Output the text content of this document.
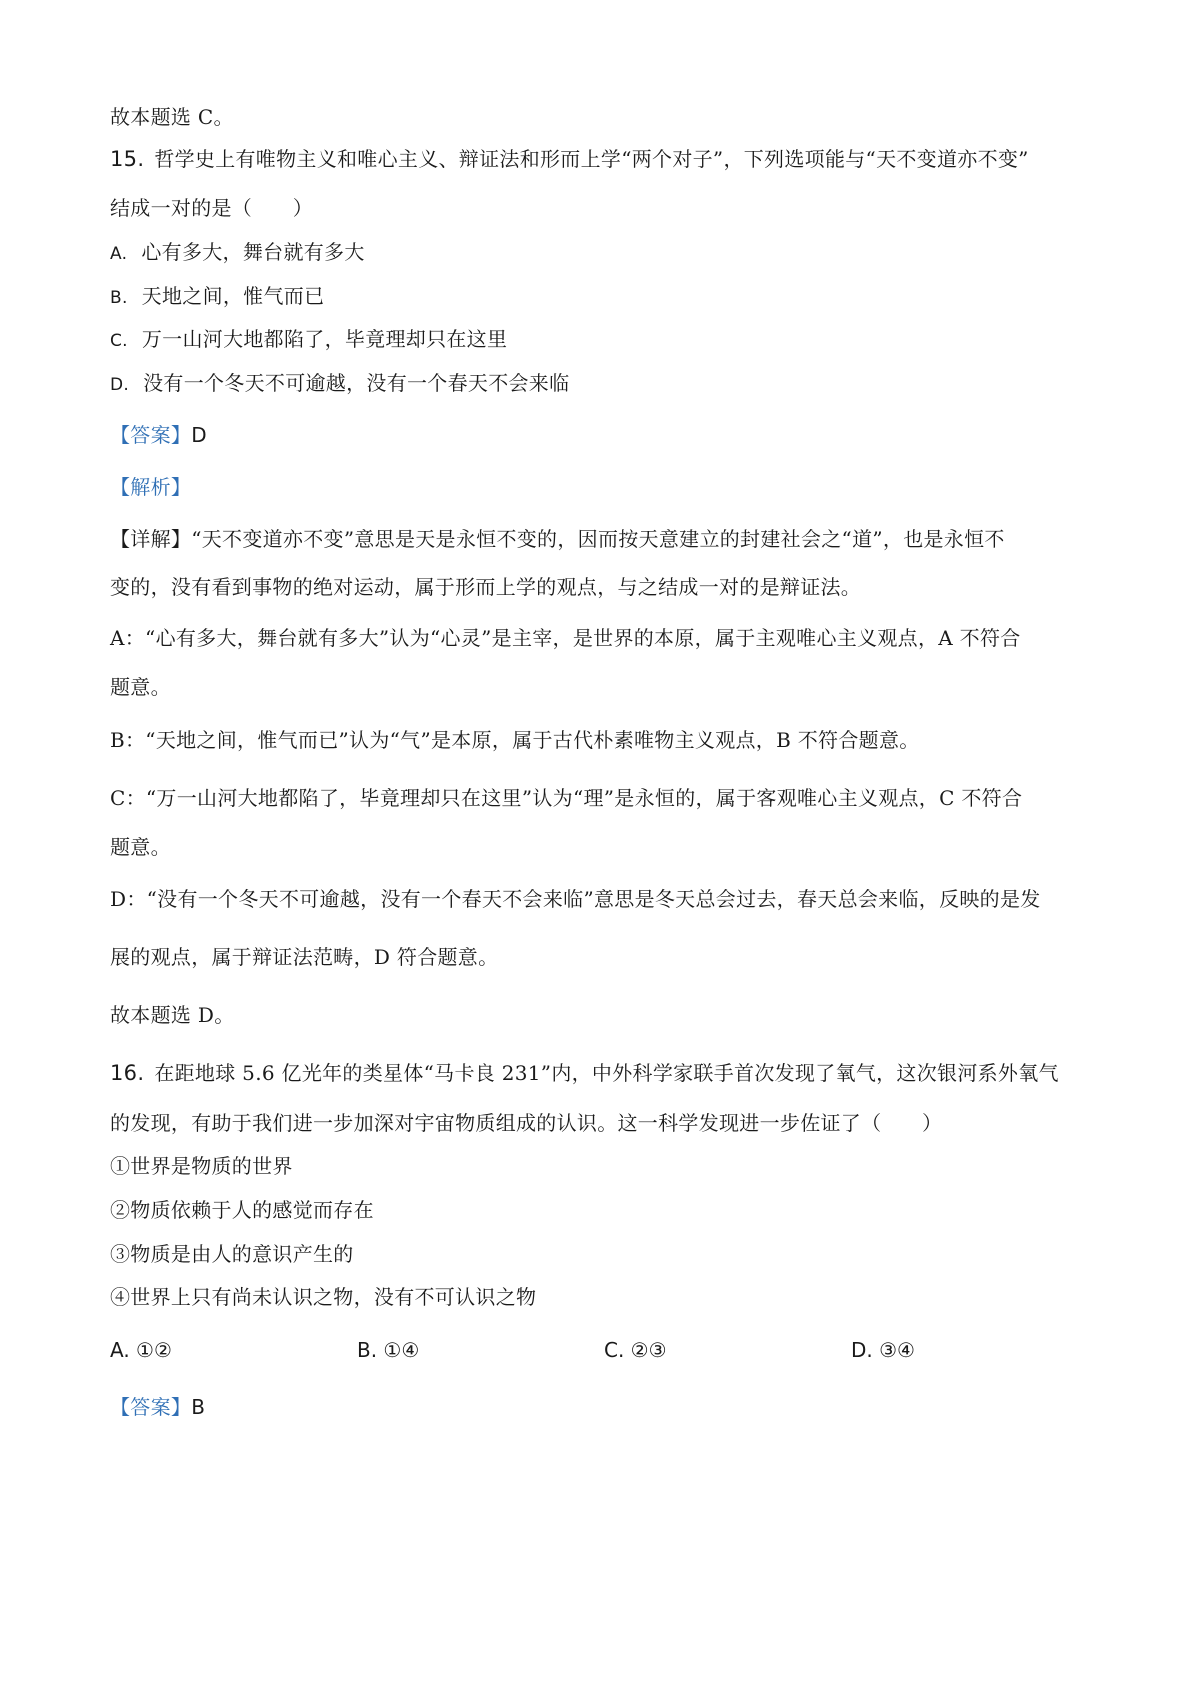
故本题选 C。
15. 哲学史上有唯物主义和唯心主义、辩证法和形而上学“两个对子”，下列选项能与“天不变道亦不变”
结成一对的是（　　）
A. 心有多大，舞台就有多大
B. 天地之间，惟气而已
C. 万一山河大地都陷了，毕竟理却只在这里
D. 没有一个冬天不可逾越，没有一个春天不会来临
【答案】D
【解析】
【详解】“天不变道亦不变”意思是天是永恒不变的，因而按天意建立的封建社会之“道”，也是永恒不
变的，没有看到事物的绝对运动，属于形而上学的观点，与之结成一对的是辩证法。
A：“心有多大，舞台就有多大”认为“心灵”是主宰，是世界的本原，属于主观唯心主义观点，A 不符合
题意。
B：“天地之间，惟气而已”认为“气”是本原，属于古代朴素唯物主义观点，B 不符合题意。
C：“万一山河大地都陷了，毕竟理却只在这里”认为“理”是永恒的，属于客观唯心主义观点，C 不符合
题意。
D：“没有一个冬天不可逾越，没有一个春天不会来临”意思是冬天总会过去，春天总会来临，反映的是发
展的观点，属于辩证法范畴，D 符合题意。
故本题选 D。
16. 在距地球 5.6 亿光年的类星体“马卡良 231”内，中外科学家联手首次发现了氧气，这次银河系外氧气
的发现，有助于我们进一步加深对宇宙物质组成的认识。这一科学发现进一步佐证了（　　）
①世界是物质的世界
②物质依赖于人的感觉而存在
③物质是由人的意识产生的
④世界上只有尚未认识之物，没有不可认识之物
A. ①②	B. ①④	C. ②③	D. ③④
【答案】B
